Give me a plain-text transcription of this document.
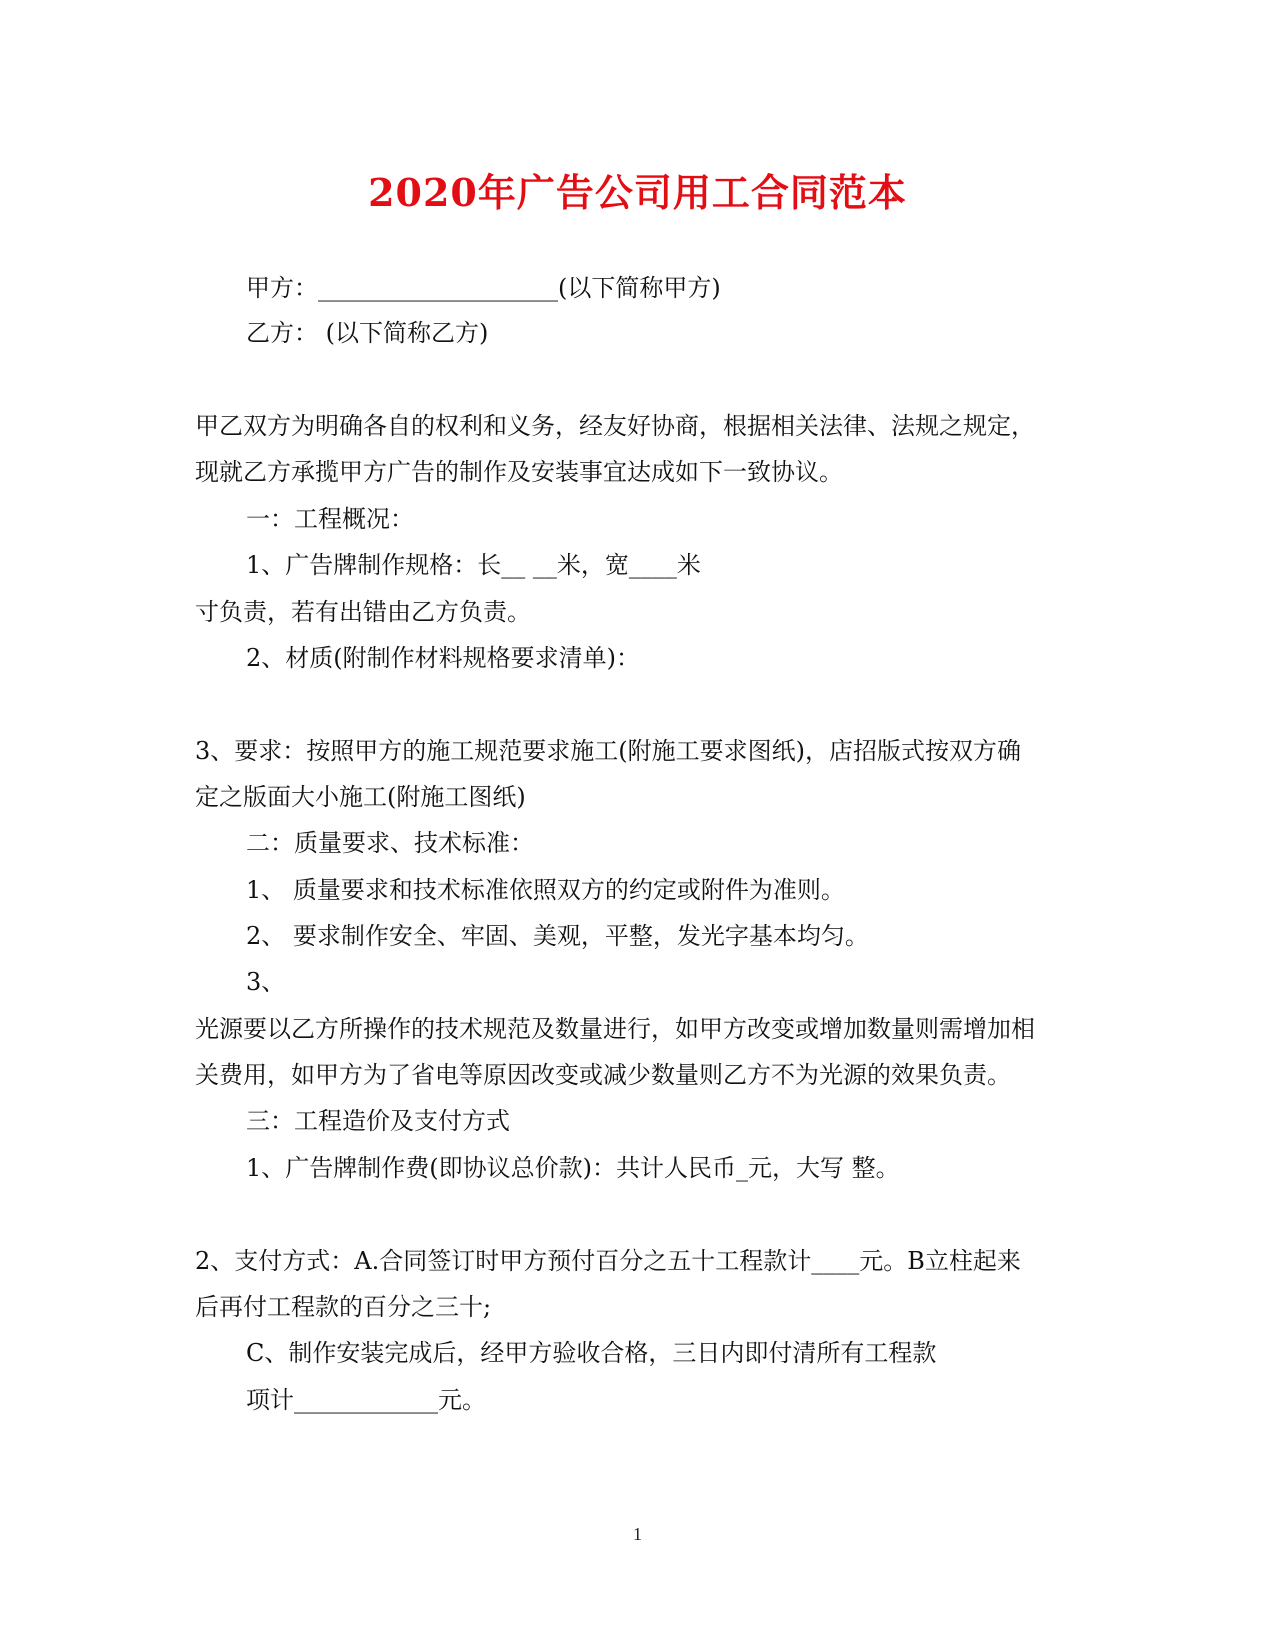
2020年广告公司用工合同范本

甲方：____________________(以下简称甲方)

乙方： (以下简称乙方)

甲乙双方为明确各自的权利和义务，经友好协商，根据相关法律、法规之规定，

现就乙方承揽甲方广告的制作及安装事宜达成如下一致协议。

一：工程概况：

1、广告牌制作规格：长__ __米，宽____米

寸负责，若有出错由乙方负责。

2、材质(附制作材料规格要求清单)：

3、要求：按照甲方的施工规范要求施工(附施工要求图纸)，店招版式按双方确

定之版面大小施工(附施工图纸)

二：质量要求、技术标准：

1、 质量要求和技术标准依照双方的约定或附件为准则。

2、 要求制作安全、牢固、美观，平整，发光字基本均匀。

3、

光源要以乙方所操作的技术规范及数量进行，如甲方改变或增加数量则需增加相

关费用，如甲方为了省电等原因改变或减少数量则乙方不为光源的效果负责。

三：工程造价及支付方式

1、广告牌制作费(即协议总价款)：共计人民币_元，大写 整。

2、支付方式：A.合同签订时甲方预付百分之五十工程款计____元。B立柱起来

后再付工程款的百分之三十;

C、制作安装完成后，经甲方验收合格，三日内即付清所有工程款

项计____________元。

1
